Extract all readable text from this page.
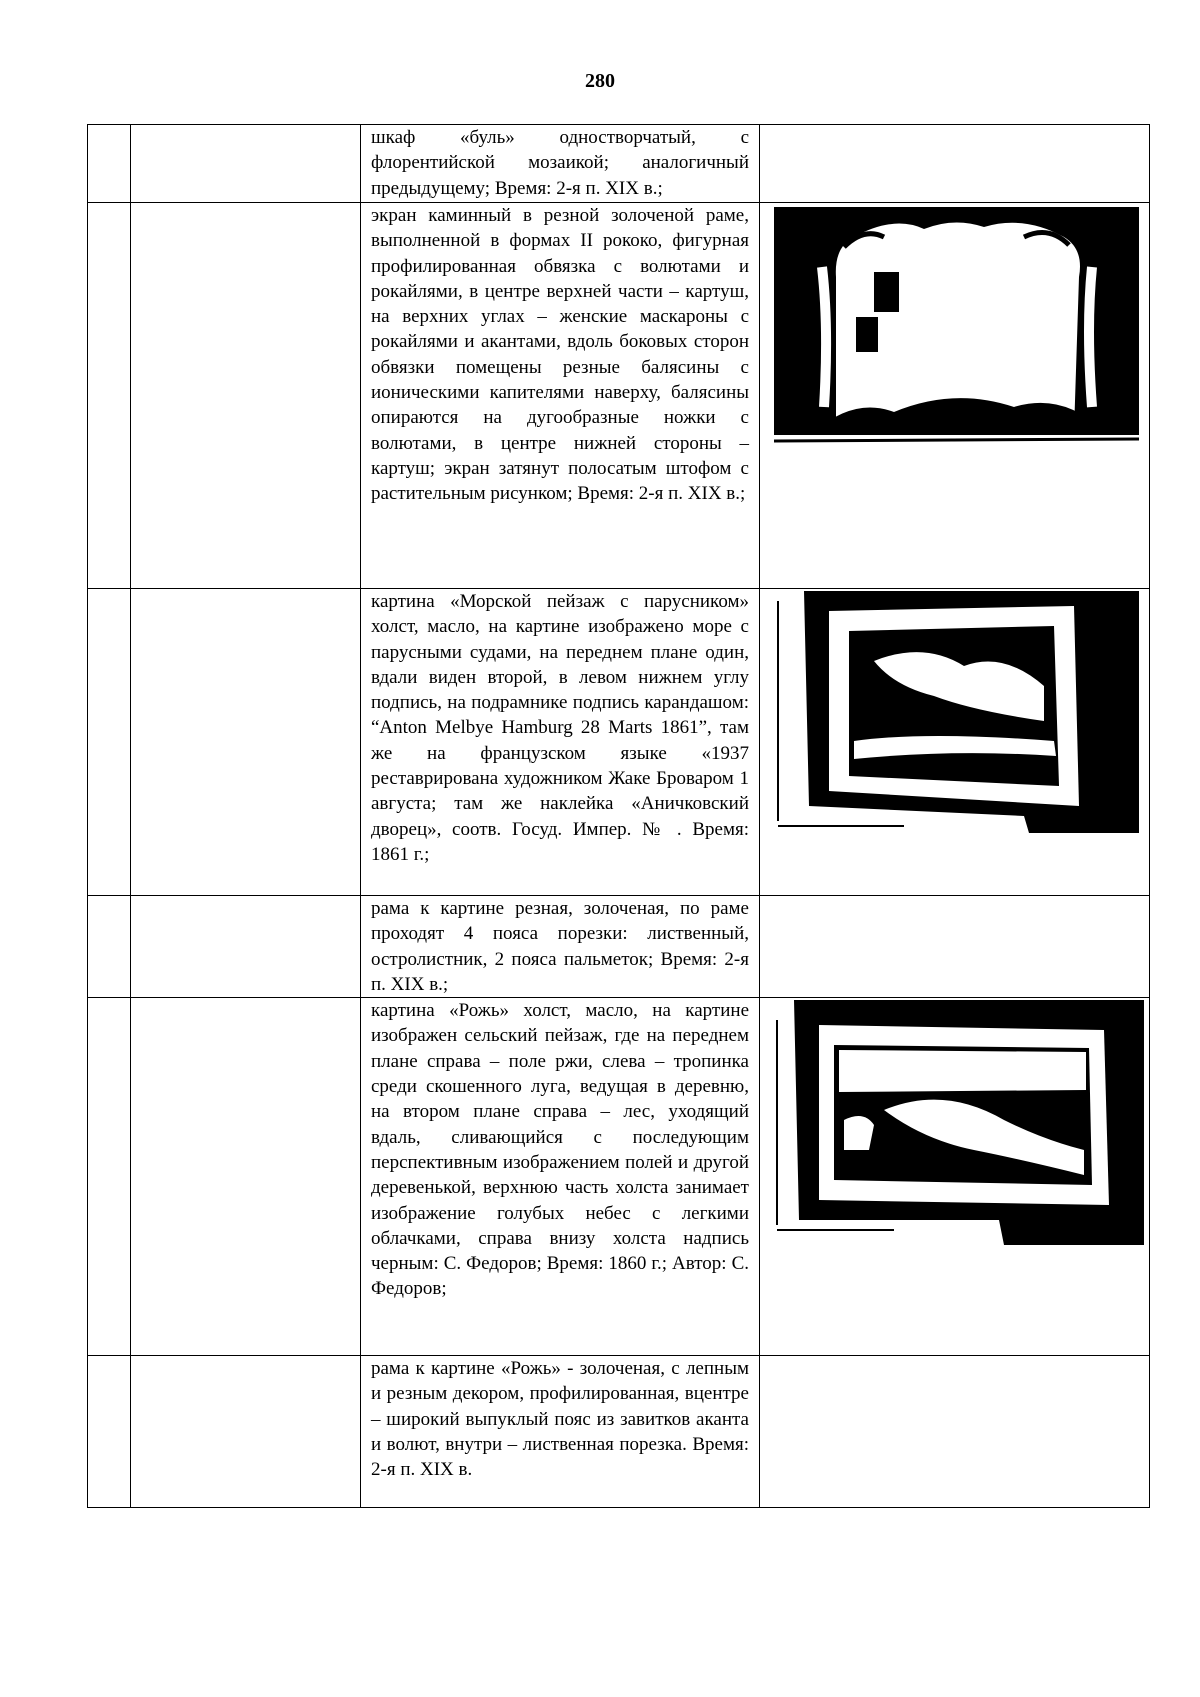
280

		шкаф «буль» одностворчатый, с флорентийской мозаикой; аналогичный предыдущему; Время: 2-я п. XIX в.;	

		экран каминный в резной золоченой раме, выполненной в формах II рококо, фигурная профилированная обвязка с волютами и рокайлями, в центре верхней части – картуш, на верхних углах – женские маскароны с рокайлями и акантами, вдоль боковых сторон обвязки помещены резные балясины с ионическими капителями наверху, балясины опираются на дугообразные ножки с волютами, в центре нижней стороны – картуш; экран затянут полосатым штофом с растительным рисунком; Время: 2-я п. XIX в.;

		картина «Морской пейзаж с парусником» холст, масло, на картине изображено море с парусными судами, на переднем плане один, вдали виден второй, в левом нижнем углу подпись, на подрамнике подпись карандашом: “Anton Melbye Hamburg 28 Marts 1861”, там же на французском языке «1937 реставрирована художником Жаке Броваром 1 августа; там же наклейка «Аничковский дворец», соотв. Госуд. Импер. № . Время: 1861 г.;

		рама к картине резная, золоченая, по раме проходят 4 пояса порезки: лиственный, остролистник, 2 пояса пальметок; Время: 2-я п. XIX в.;	

		картина «Рожь» холст, масло, на картине изображен сельский пейзаж, где на переднем плане справа – поле ржи, слева – тропинка среди скошенного луга, ведущая в деревню, на втором плане справа – лес, уходящий вдаль, сливающийся с последующим перспективным изображением полей и другой деревенькой, верхнюю часть холста занимает изображение голубых небес с легкими облачками, справа внизу холста надпись черным: С. Федоров; Время: 1860 г.; Автор: С. Федоров;

		рама к картине «Рожь» - золоченая, с лепным и резным декором, профилированная, вцентре – широкий выпуклый пояс из завитков аканта и волют, внутри – лиственная порезка. Время: 2-я п. XIX в.	
